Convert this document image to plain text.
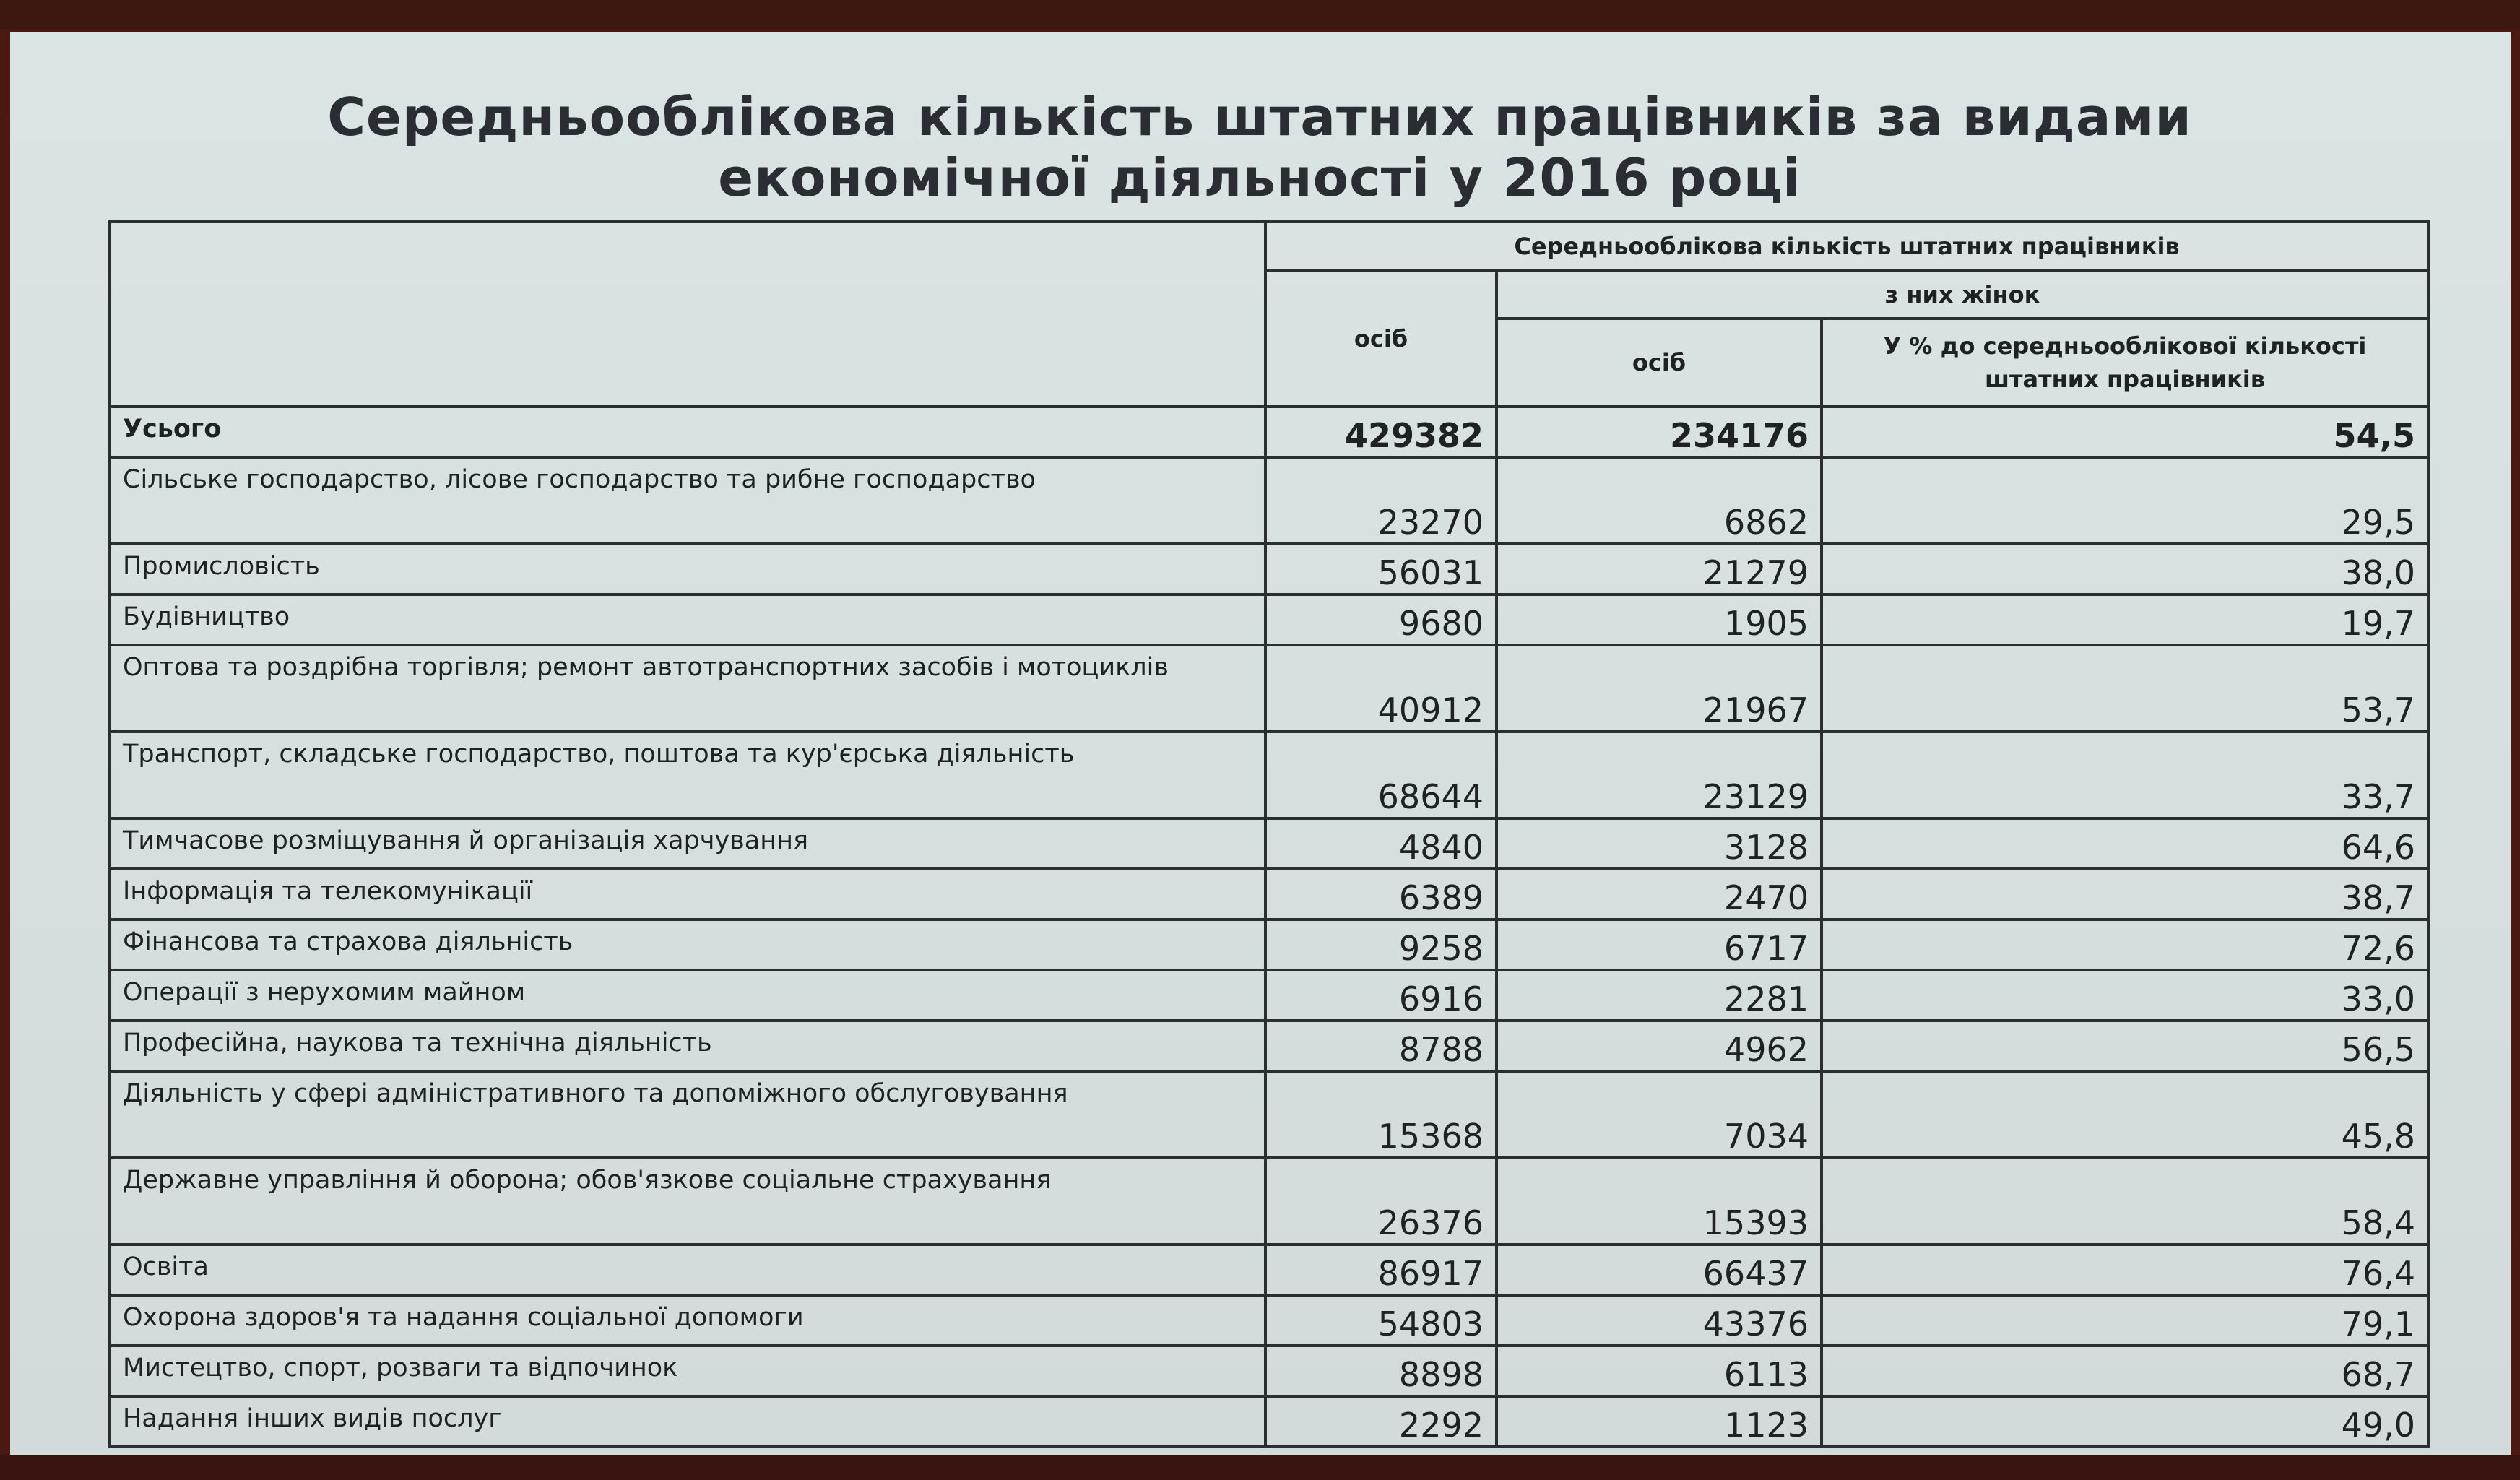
Середньооблікова кількість штатних працівників за видами економічної діяльності у 2016 році
	Середньооблікова кількість штатних працівників		
	осіб	з них жінок	
		осіб	У % до середньооблікової кількості штатних працівників
Усього	429382	234176	54,5
Сільське господарство, лісове господарство та рибне господарство	23270	6862	29,5
Промисловість	56031	21279	38,0
Будівництво	9680	1905	19,7
Оптова та роздрібна торгівля; ремонт автотранспортних засобів і мотоциклів	40912	21967	53,7
Транспорт, складське господарство, поштова та кур'єрська діяльність	68644	23129	33,7
Тимчасове розміщування й організація харчування	4840	3128	64,6
Інформація та телекомунікації	6389	2470	38,7
Фінансова та страхова діяльність	9258	6717	72,6
Операції з нерухомим майном	6916	2281	33,0
Професійна, наукова та технічна діяльність	8788	4962	56,5
Діяльність у сфері адміністративного та допоміжного обслуговування	15368	7034	45,8
Державне управління й оборона; обов'язкове соціальне страхування	26376	15393	58,4
Освіта	86917	66437	76,4
Охорона здоров'я та надання соціальної допомоги	54803	43376	79,1
Мистецтво, спорт, розваги та відпочинок	8898	6113	68,7
Надання інших видів послуг	2292	1123	49,0
